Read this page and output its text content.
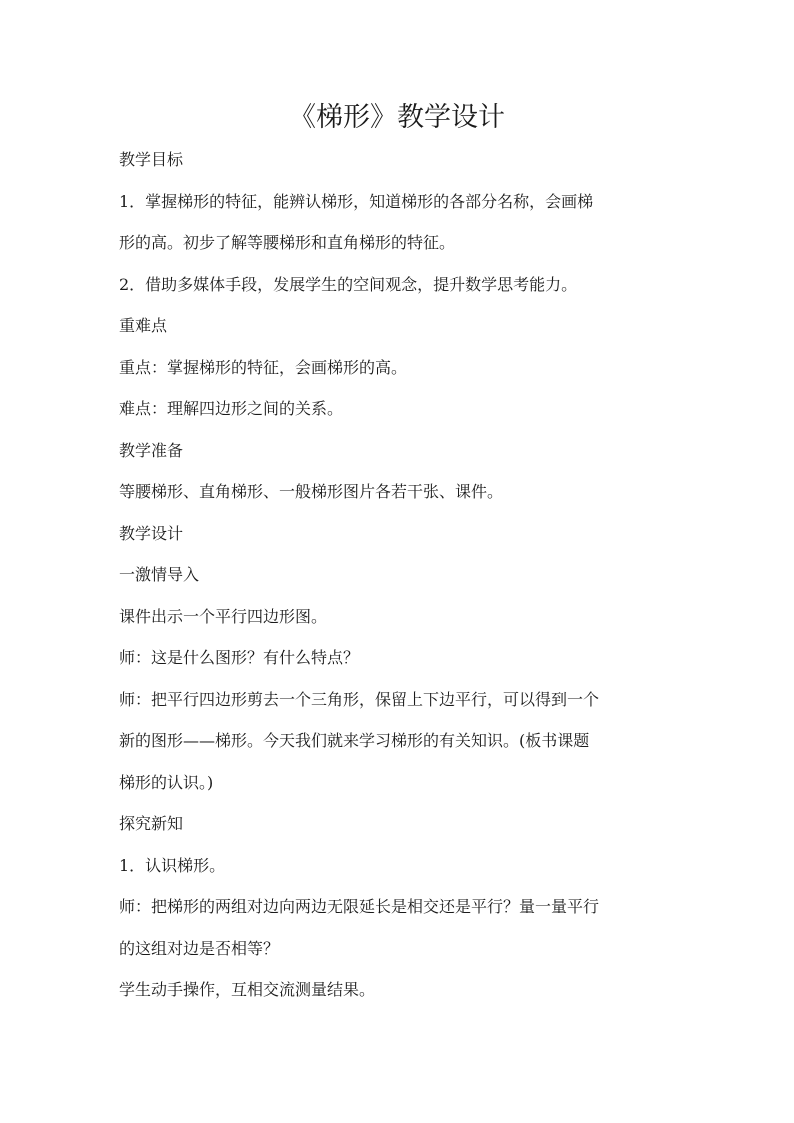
《梯形》教学设计

教学目标

1．掌握梯形的特征，能辨认梯形，知道梯形的各部分名称，会画梯

形的高。初步了解等腰梯形和直角梯形的特征。

2．借助多媒体手段，发展学生的空间观念，提升数学思考能力。

重难点

重点：掌握梯形的特征，会画梯形的高。

难点：理解四边形之间的关系。

教学准备

等腰梯形、直角梯形、一般梯形图片各若干张、课件。

教学设计

一激情导入

课件出示一个平行四边形图。

师：这是什么图形？有什么特点？

师：把平行四边形剪去一个三角形，保留上下边平行，可以得到一个

新的图形——梯形。今天我们就来学习梯形的有关知识。(板书课题

梯形的认识。)

探究新知

1．认识梯形。

师：把梯形的两组对边向两边无限延长是相交还是平行？量一量平行

的这组对边是否相等？

学生动手操作，互相交流测量结果。
